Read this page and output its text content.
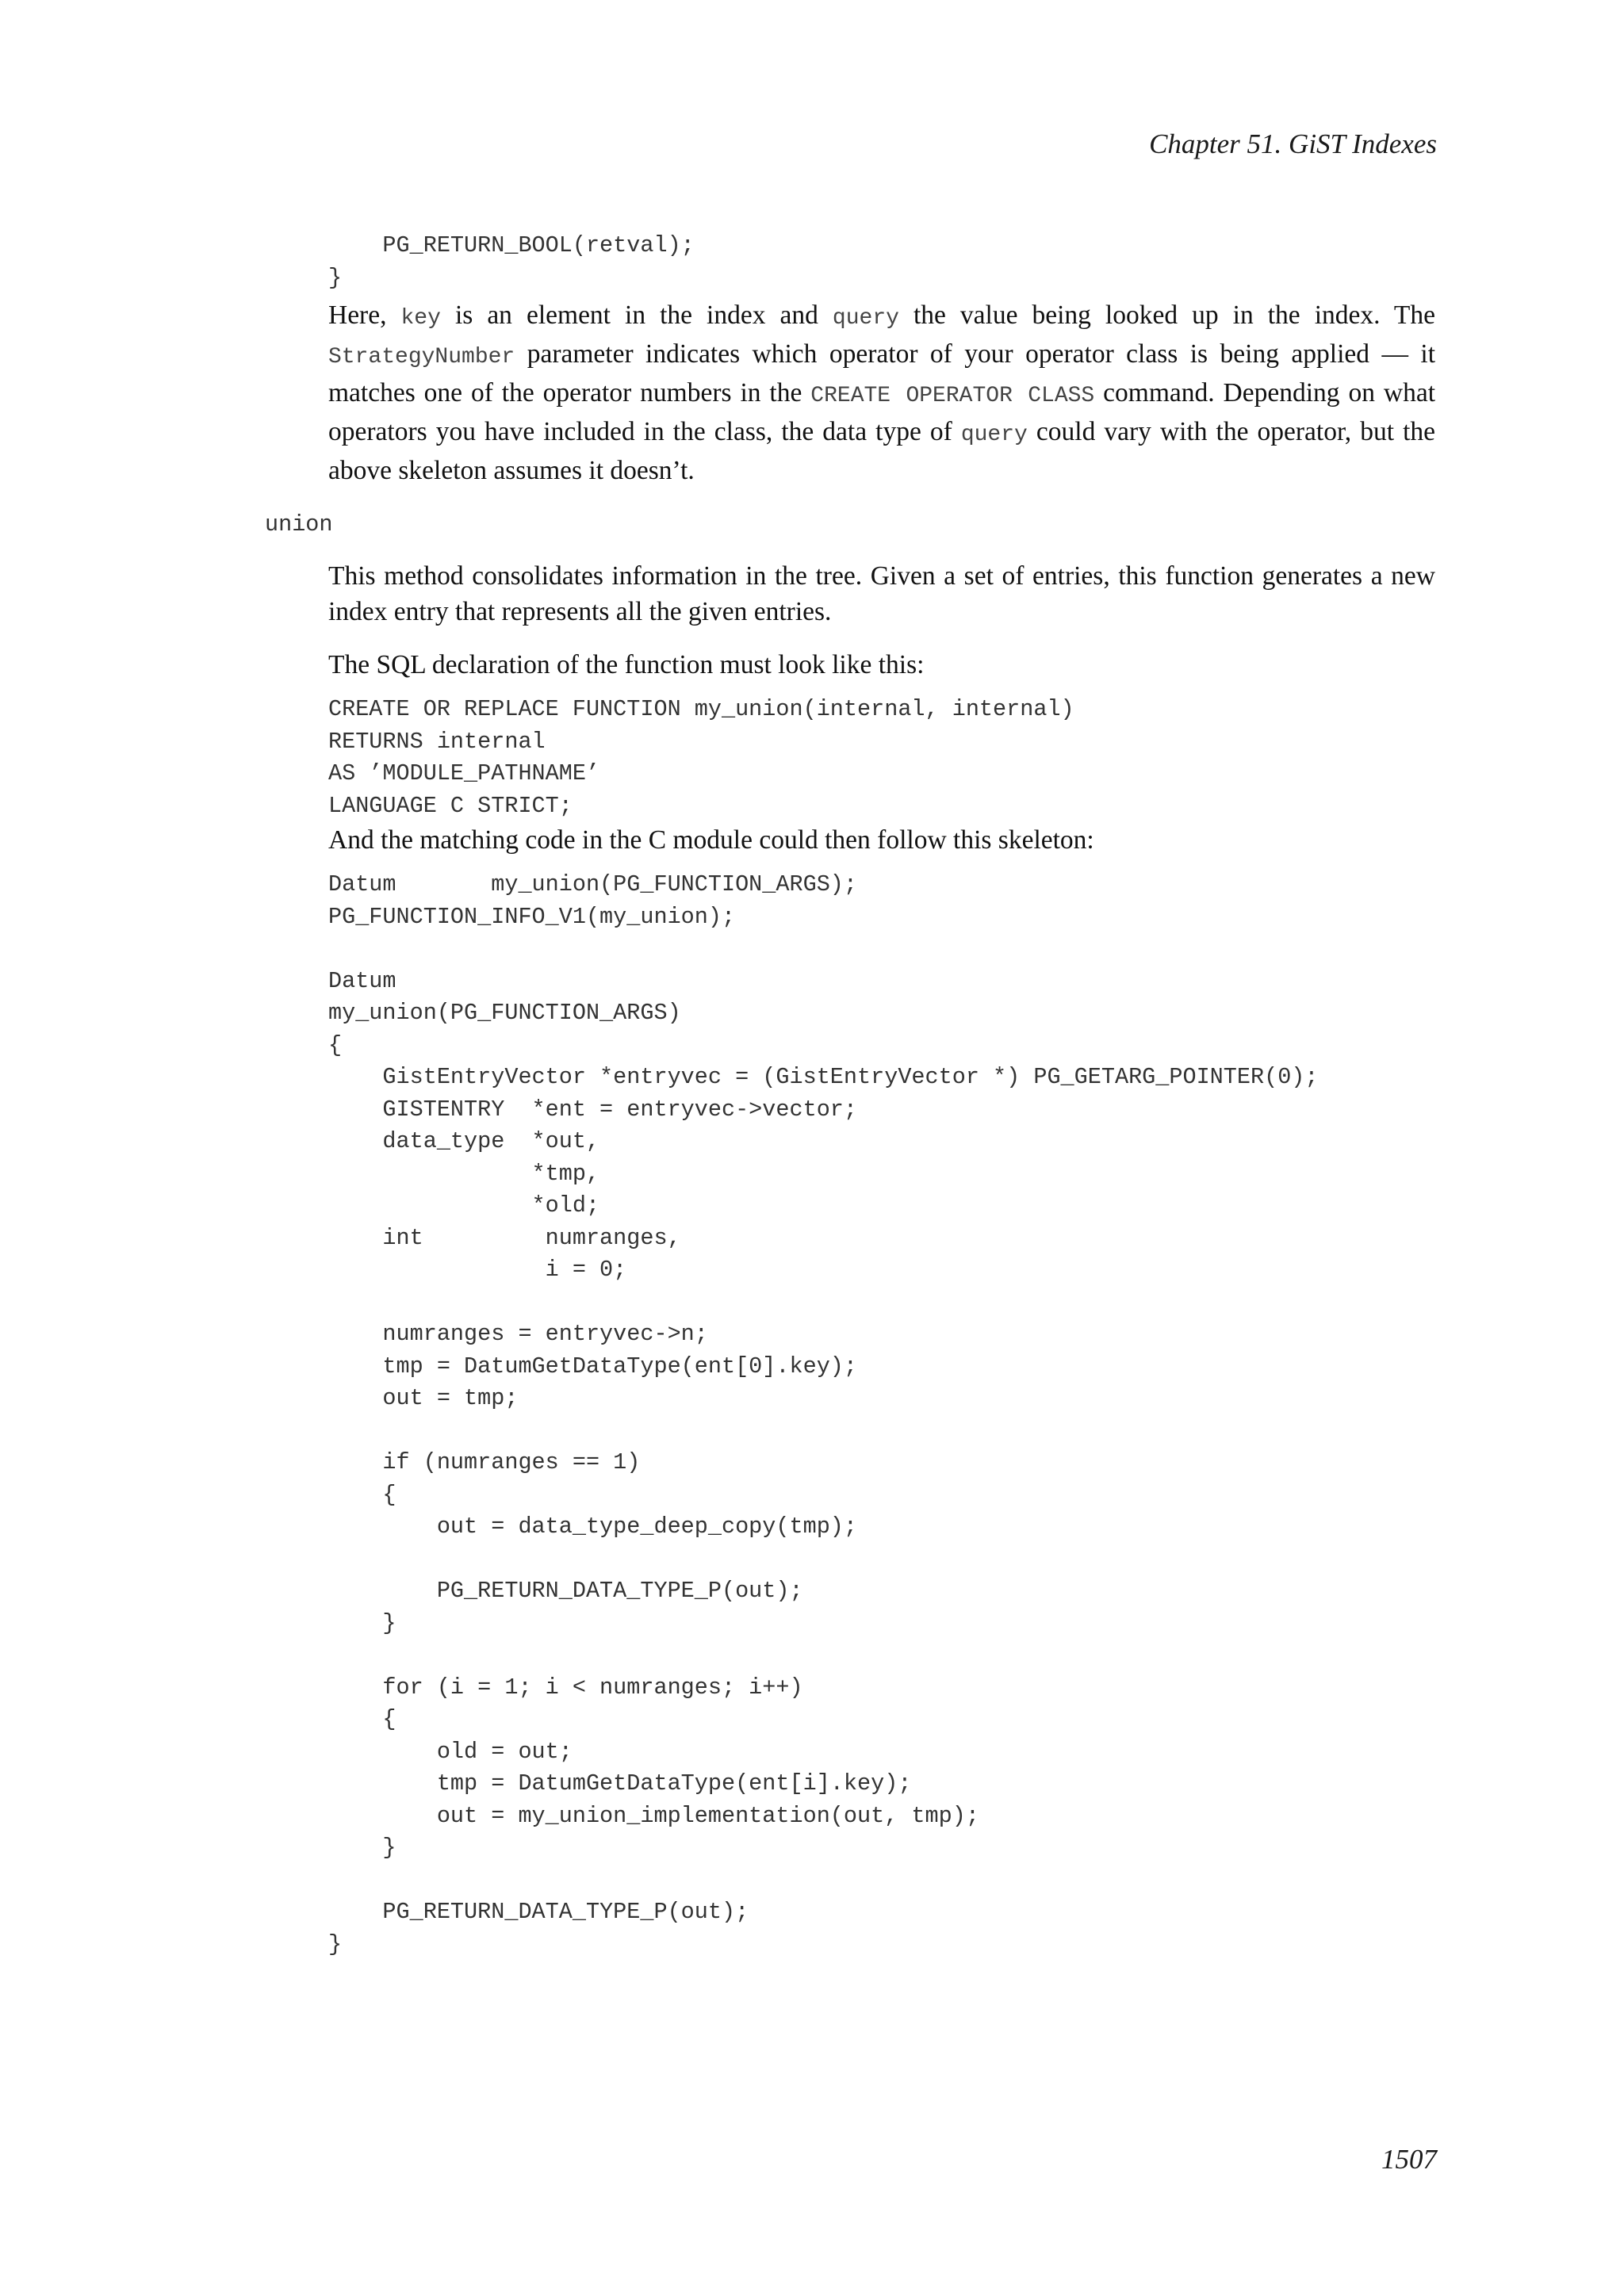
Chapter 51. GiST Indexes
PG_RETURN_BOOL(retval);
}

Here, key is an element in the index and query the value being looked up in the index. The StrategyNumber parameter indicates which operator of your operator class is being applied — it matches one of the operator numbers in the CREATE OPERATOR CLASS command. Depending on what operators you have included in the class, the data type of query could vary with the operator, but the above skeleton assumes it doesn’t.

union

This method consolidates information in the tree. Given a set of entries, this function generates a new index entry that represents all the given entries.

The SQL declaration of the function must look like this:

CREATE OR REPLACE FUNCTION my_union(internal, internal)
RETURNS internal
AS ’MODULE_PATHNAME’
LANGUAGE C STRICT;

And the matching code in the C module could then follow this skeleton:

Datum       my_union(PG_FUNCTION_ARGS);
PG_FUNCTION_INFO_V1(my_union);
Datum
my_union(PG_FUNCTION_ARGS)
{
GistEntryVector *entryvec = (GistEntryVector *) PG_GETARG_POINTER(0);
GISTENTRY  *ent = entryvec->vector;
data_type  *out,
*tmp,
*old;
int         numranges,
i = 0;
numranges = entryvec->n;
tmp = DatumGetDataType(ent[0].key);
out = tmp;
if (numranges == 1)
{
out = data_type_deep_copy(tmp);
PG_RETURN_DATA_TYPE_P(out);
}
for (i = 1; i < numranges; i++)
{
old = out;
tmp = DatumGetDataType(ent[i].key);
out = my_union_implementation(out, tmp);
}
PG_RETURN_DATA_TYPE_P(out);
}
1507
